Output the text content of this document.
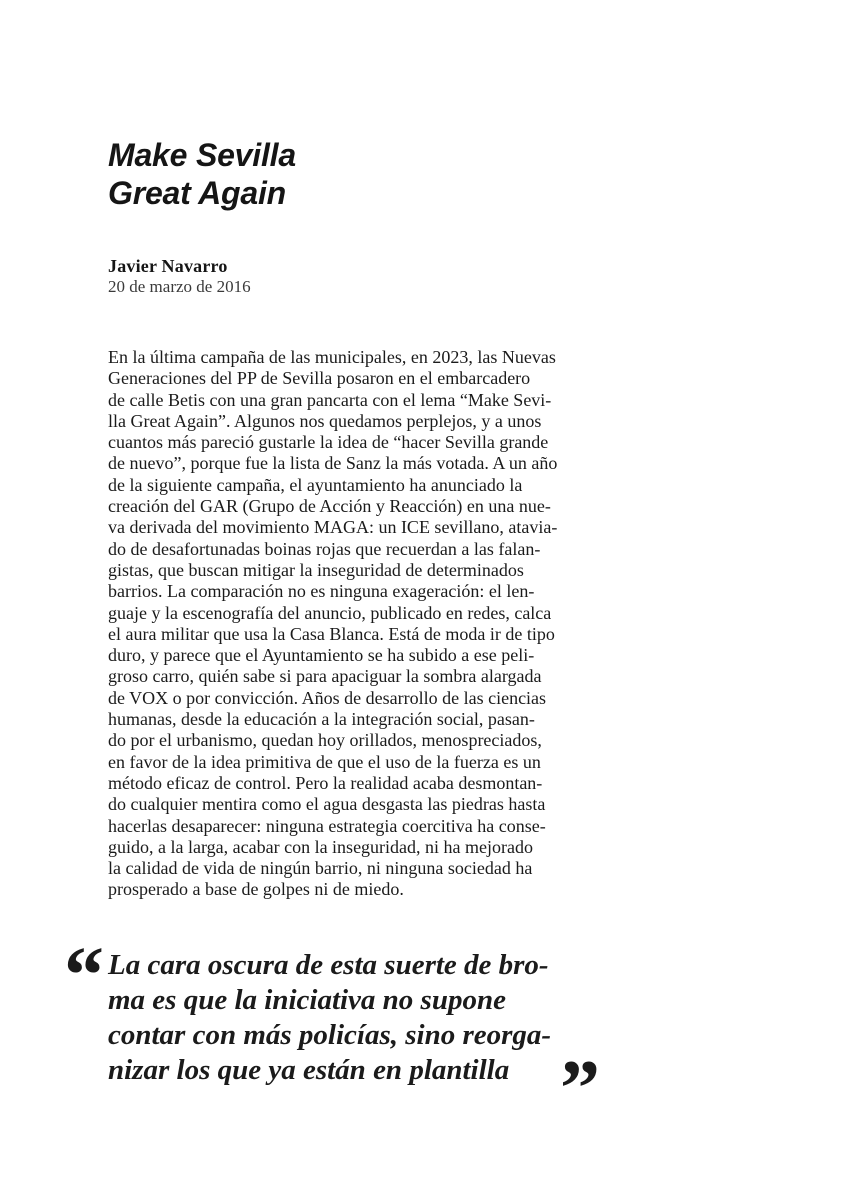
Make Sevilla
Great Again
Javier Navarro
20 de marzo de 2016
En la última campaña de las municipales, en 2023, las Nuevas
Generaciones del PP de Sevilla posaron en el embarcadero
de calle Betis con una gran pancarta con el lema “Make Sevi-
lla Great Again”. Algunos nos quedamos perplejos, y a unos
cuantos más pareció gustarle la idea de “hacer Sevilla grande
de nuevo”, porque fue la lista de Sanz la más votada. A un año
de la siguiente campaña, el ayuntamiento ha anunciado la
creación del GAR (Grupo de Acción y Reacción) en una nue-
va derivada del movimiento MAGA: un ICE sevillano, atavia-
do de desafortunadas boinas rojas que recuerdan a las falan-
gistas, que buscan mitigar la inseguridad de determinados
barrios. La comparación no es ninguna exageración: el len-
guaje y la escenografía del anuncio, publicado en redes, calca
el aura militar que usa la Casa Blanca. Está de moda ir de tipo
duro, y parece que el Ayuntamiento se ha subido a ese peli-
groso carro, quién sabe si para apaciguar la sombra alargada
de VOX o por convicción. Años de desarrollo de las ciencias
humanas, desde la educación a la integración social, pasan-
do por el urbanismo, quedan hoy orillados, menospreciados,
en favor de la idea primitiva de que el uso de la fuerza es un
método eficaz de control. Pero la realidad acaba desmontan-
do cualquier mentira como el agua desgasta las piedras hasta
hacerlas desaparecer: ninguna estrategia coercitiva ha conse-
guido, a la larga, acabar con la inseguridad, ni ha mejorado
la calidad de vida de ningún barrio, ni ninguna sociedad ha
prosperado a base de golpes ni de miedo.
“ La cara oscura de esta suerte de bro-
ma es que la iniciativa no supone
contar con más policías, sino reorga-
nizar los que ya están en plantilla ”
